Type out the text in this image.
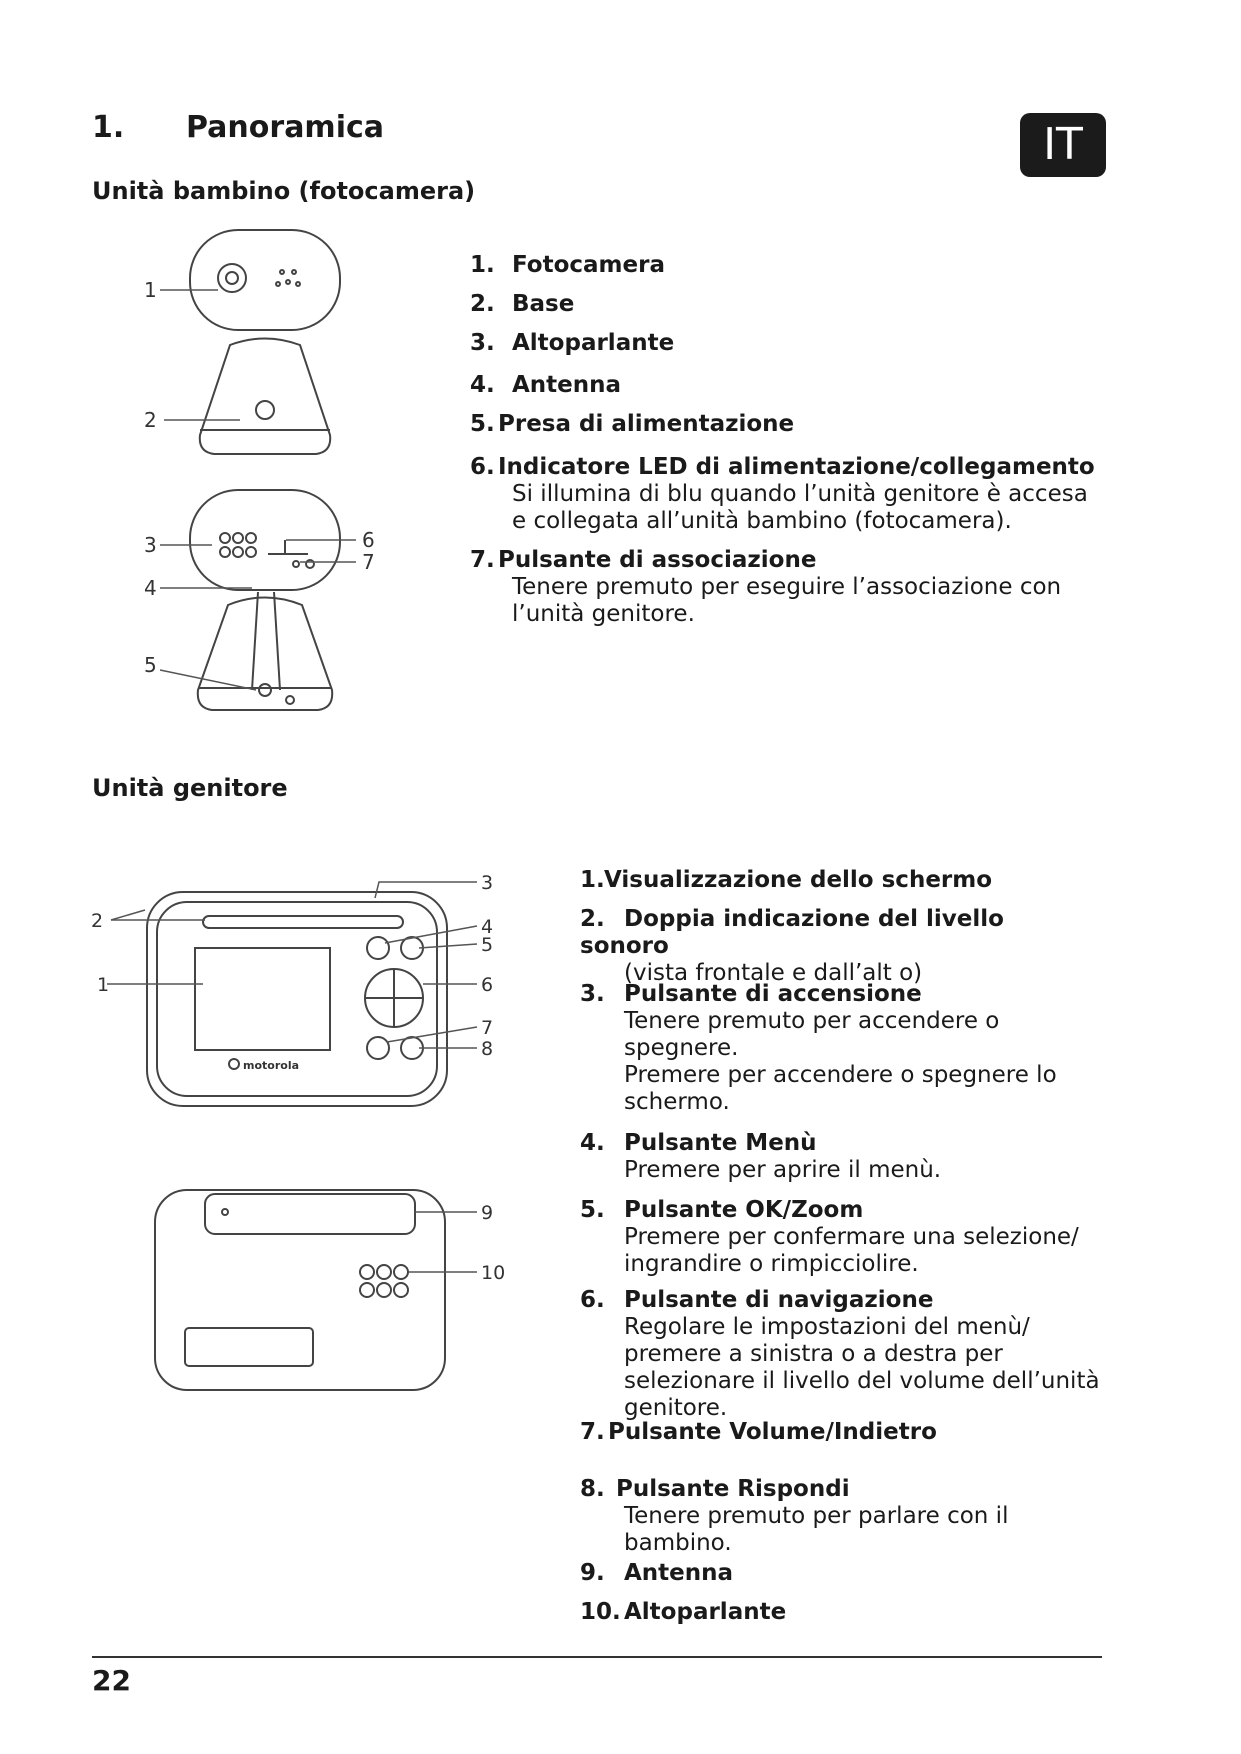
1. Panoramica	IT
Unità bambino (fotocamera)
1
2
3
4
5
6
7
1. Fotocamera
2. Base
3. Altoparlante
4. Antenna
5. Presa di alimentazione
6. Indicatore LED di alimentazione/collegamento
Si illumina di blu quando l’unità genitore è accesa e collegata all’unità bambino (fotocamera).
7. Pulsante di associazione
Tenere premuto per eseguire l’associazione con l’unità genitore.
Unità genitore
motorola
1
2
3
4
5
6
7
8
9
10
1.Visualizzazione dello schermo
2. Doppia indicazione del livello sonoro
(vista frontale e dall’alt o)
3. Pulsante di accensione
Tenere premuto per accendere o spegnere.
Premere per accendere o spegnere lo schermo.
4. Pulsante Menù
Premere per aprire il menù.
5. Pulsante OK/Zoom
Premere per confermare una selezione/ ingrandire o rimpicciolire.
6. Pulsante di navigazione
Regolare le impostazioni del menù/ premere a sinistra o a destra per selezionare il livello del volume dell’unità genitore.
7. Pulsante Volume/Indietro
8. Pulsante Rispondi
Tenere premuto per parlare con il bambino.
9. Antenna
10. Altoparlante
22
